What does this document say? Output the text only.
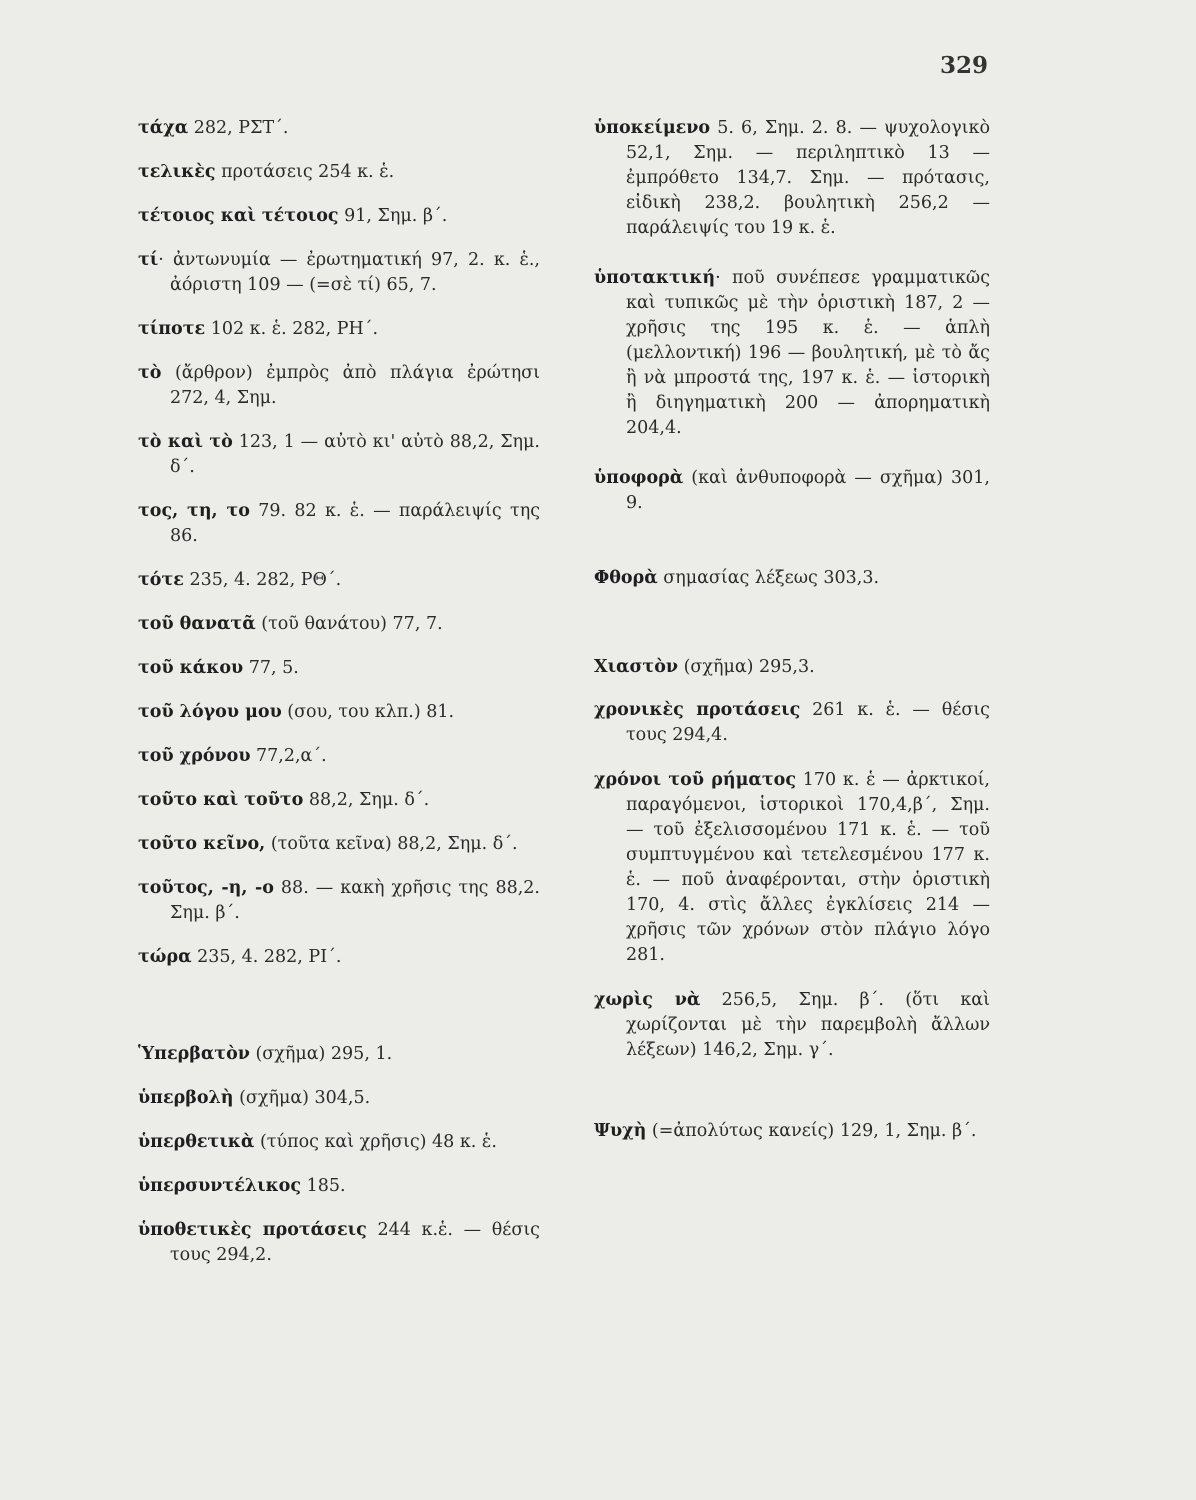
329

τάχα 282, ΡΣΤ΄.

τελικὲς προτάσεις 254 κ. ἑ.

τέτοιος καὶ τέτοιος 91, Σημ. β΄.

τί· ἀντωνυμία — ἐρωτηματική 97, 2. κ. ἑ., ἀόριστη 109 — (=σὲ τί) 65, 7.

τίποτε 102 κ. ἑ. 282, ΡΗ΄.

τὸ (ἄρθρον) ἐμπρὸς ἀπὸ πλάγια ἐρώτησι 272, 4, Σημ.

τὸ καὶ τὸ 123, 1 — αὐτὸ κι' αὐτὸ 88,2, Σημ. δ΄.

τος, τη, το 79. 82 κ. ἑ. — παράλειψίς της 86.

τότε 235, 4. 282, ΡΘ΄.

τοῦ θανατᾶ (τοῦ θανάτου) 77, 7.

τοῦ κάκου 77, 5.

τοῦ λόγου μου (σου, του κλπ.) 81.

τοῦ χρόνου 77,2,α΄.

τοῦτο καὶ τοῦτο 88,2, Σημ. δ΄.

τοῦτο κεῖνο, (τοῦτα κεῖνα) 88,2, Σημ. δ΄.

τοῦτος, -η, -ο 88. — κακὴ χρῆσις της 88,2. Σημ. β΄.

τώρα 235, 4. 282, ΡΙ΄.

Ὑπερβατὸν (σχῆμα) 295, 1.

ὑπερβολὴ (σχῆμα) 304,5.

ὑπερθετικὰ (τύπος καὶ χρῆσις) 48 κ. ἑ.

ὑπερσυντέλικος 185.

ὑποθετικὲς προτάσεις 244 κ.ἑ. — θέσις τους 294,2.

ὑποκείμενο 5. 6, Σημ. 2. 8. — ψυχολογικὸ 52,1, Σημ. — περιληπτικὸ 13 — ἐμπρόθετο 134,7. Σημ. — πρότασις, εἰδικὴ 238,2. βουλητικὴ 256,2 — παράλειψίς του 19 κ. ἑ.

ὑποτακτική· ποῦ συνέπεσε γραμματικῶς καὶ τυπικῶς μὲ τὴν ὁριστικὴ 187, 2 — χρῆσις της 195 κ. ἑ. — ἁπλὴ (μελλοντική) 196 — βουλητική, μὲ τὸ ἄς ἢ νὰ μπροστά της, 197 κ. ἑ. — ἱστορικὴ ἢ διηγηματικὴ 200 — ἀπορηματικὴ 204,4.

ὑποφορὰ (καὶ ἀνθυποφορὰ — σχῆμα) 301, 9.

Φθορὰ σημασίας λέξεως 303,3.

Χιαστὸν (σχῆμα) 295,3.

χρονικὲς προτάσεις 261 κ. ἑ. — θέσις τους 294,4.

χρόνοι τοῦ ρήματος 170 κ. ἑ — ἀρκτικοί, παραγόμενοι, ἱστορικοὶ 170,4,β΄, Σημ. — τοῦ ἐξελισσομένου 171 κ. ἑ. — τοῦ συμπτυγμένου καὶ τετελεσμένου 177 κ. ἑ. — ποῦ ἀναφέρονται, στὴν ὁριστικὴ 170, 4. στὶς ἄλλες ἐγκλίσεις 214 — χρῆσις τῶν χρόνων στὸν πλάγιο λόγο 281.

χωρὶς νὰ 256,5, Σημ. β΄. (ὅτι καὶ χωρίζονται μὲ τὴν παρεμβολὴ ἄλλων λέξεων) 146,2, Σημ. γ΄.

Ψυχὴ (=ἀπολύτως κανείς) 129, 1, Σημ. β΄.
